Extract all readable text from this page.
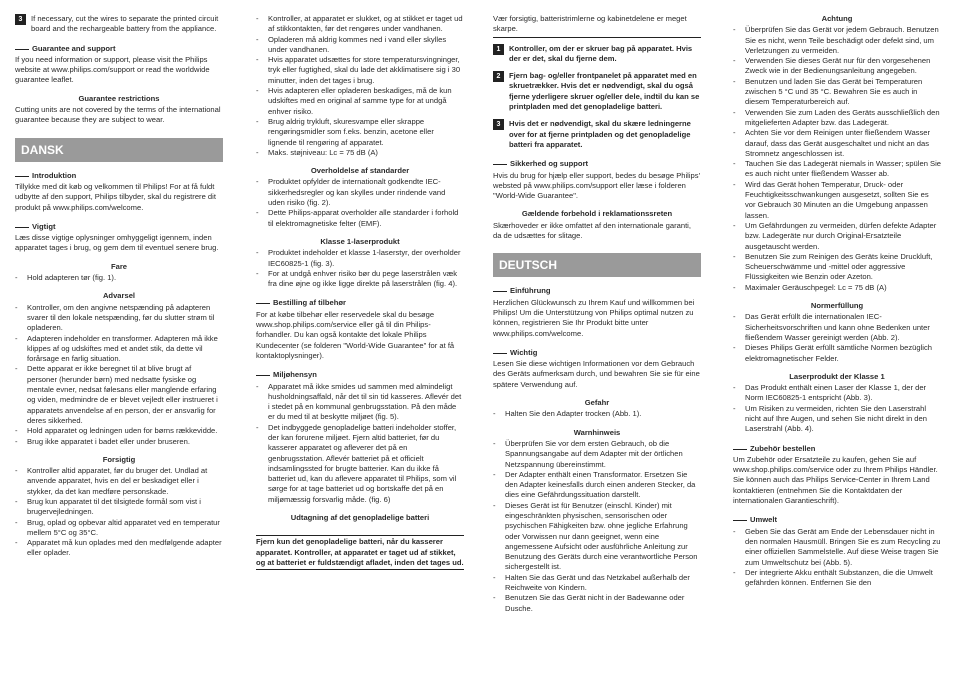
3	If necessary, cut the wires to separate the printed circuit board and the rechargeable battery from the appliance.
Guarantee and support

If you need information or support, please visit the Philips website at www.philips.com/support or read the worldwide guarantee leaflet.

Guarantee restrictions

Cutting units are not covered by the terms of the international guarantee because they are subject to wear.

DANSK
Introduktion

Tillykke med dit køb og velkommen til Philips! For at få fuldt udbytte af den support, Philips tilbyder, skal du registrere dit produkt på www.philips.com/welcome.

Vigtigt

Læs disse vigtige oplysninger omhyggeligt igennem, inden apparatet tages i brug, og gem dem til eventuel senere brug.

Fare
- Hold adapteren tør (fig. 1).
Advarsel
- Kontroller, om den angivne netspænding på adapteren svarer til den lokale netspænding, før du slutter strøm til opladeren.
- Adapteren indeholder en transformer. Adapteren må ikke klippes af og udskiftes med et andet stik, da dette vil forårsage en farlig situation.
- Dette apparat er ikke beregnet til at blive brugt af personer (herunder børn) med nedsatte fysiske og mentale evner, nedsat følesans eller manglende erfaring og viden, medmindre de er blevet vejledt eller instrueret i apparatets anvendelse af en person, der er ansvarlig for deres sikkerhed.
- Hold apparatet og ledningen uden for børns rækkevidde.
- Brug ikke apparatet i badet eller under bruseren.
Forsigtig
- Kontroller altid apparatet, før du bruger det. Undlad at anvende apparatet, hvis en del er beskadiget eller i stykker, da det kan medføre personskade.
- Brug kun apparatet til det tilsigtede formål som vist i brugervejledningen.
- Brug, oplad og opbevar altid apparatet ved en temperatur mellem 5°C og 35°C.
- Apparatet må kun oplades med den medfølgende adapter eller oplader.
- Kontroller, at apparatet er slukket, og at stikket er taget ud af stikkontakten, før det rengøres under vandhanen.
- Opladeren må aldrig kommes ned i vand eller skylles under vandhanen.
- Hvis apparatet udsættes for store temperatursvingninger, tryk eller fugtighed, skal du lade det akklimatisere sig i 30 minutter, inden det tages i brug.
- Hvis adapteren eller opladeren beskadiges, må de kun udskiftes med en original af samme type for at undgå enhver risiko.
- Brug aldrig trykluft, skuresvampe eller skrappe rengøringsmidler som f.eks. benzin, acetone eller lignende til rengøring af apparatet.
- Maks. støjniveau: Lc = 75 dB (A)
Overholdelse af standarder
- Produktet opfylder de internationalt godkendte IEC-sikkerhedsregler og kan skylles under rindende vand uden risiko (fig. 2).
- Dette Philips-apparat overholder alle standarder i forhold til elektromagnetiske felter (EMF).
Klasse 1-laserprodukt
- Produktet indeholder et klasse 1-laserstyr, der overholder IEC60825-1 (fig. 3).
- For at undgå enhver risiko bør du pege laserstrålen væk fra dine øjne og ikke ligge direkte på laserstrålen (fig. 4).
Bestilling af tilbehør

For at købe tilbehør eller reservedele skal du besøge www.shop.philips.com/service eller gå til din Philips-forhandler. Du kan også kontakte det lokale Philips Kundecenter (se folderen "World-Wide Guarantee" for at få kontaktoplysninger).

Miljøhensyn
- Apparatet må ikke smides ud sammen med almindeligt husholdningsaffald, når det til sin tid kasseres. Aflevér det i stedet på en kommunal genbrugsstation. På den måde er du med til at beskytte miljøet (fig. 5).
- Det indbyggede genopladelige batteri indeholder stoffer, der kan forurene miljøet. Fjern altid batteriet, før du kasserer apparatet og afleverer det på en genbrugsstation. Aflevér batteriet på et officielt indsamlingssted for brugte batterier. Kan du ikke få batteriet ud, kan du aflevere apparatet til Philips, som vil sørge for at tage batteriet ud og bortskaffe det på en miljømæssig forsvarlig måde. (fig. 6)
Udtagning af det genopladelige batteri

Fjern kun det genopladelige batteri, når du kasserer apparatet. Kontroller, at apparatet er taget ud af stikket, og at batteriet er fuldstændigt afladet, inden det tages ud.

Vær forsigtig, batteristrimlerne og kabinetdelene er meget skarpe.

1	Kontroller, om der er skruer bag på apparatet. Hvis der er det, skal du fjerne dem.
2	Fjern bag- og/eller frontpanelet på apparatet med en skruetrækker. Hvis det er nødvendigt, skal du også fjerne yderligere skruer og/eller dele, indtil du kan se printpladen med det genopladelige batteri.
3	Hvis det er nødvendigt, skal du skære ledningerne over for at fjerne printpladen og det genopladelige batteri fra apparatet.
Sikkerhed og support

Hvis du brug for hjælp eller support, bedes du besøge Philips' websted på www.philips.com/support eller læse i folderen "World-Wide Guarantee".

Gældende forbehold i reklamationssreten

Skærhoveder er ikke omfattet af den internationale garanti, da de udsættes for slitage.

DEUTSCH
Einführung

Herzlichen Glückwunsch zu Ihrem Kauf und willkommen bei Philips! Um die Unterstützung von Philips optimal nutzen zu können, registrieren Sie Ihr Produkt bitte unter www.philips.com/welcome.

Wichtig

Lesen Sie diese wichtigen Informationen vor dem Gebrauch des Geräts aufmerksam durch, und bewahren Sie sie für eine spätere Verwendung auf.

Gefahr
- Halten Sie den Adapter trocken (Abb. 1).
Warnhinweis
- Überprüfen Sie vor dem ersten Gebrauch, ob die Spannungsangabe auf dem Adapter mit der örtlichen Netzspannung übereinstimmt.
- Der Adapter enthält einen Transformator. Ersetzen Sie den Adapter keinesfalls durch einen anderen Stecker, da dies eine Gefährdungssituation darstellt.
- Dieses Gerät ist für Benutzer (einschl. Kinder) mit eingeschränkten physischen, sensorischen oder psychischen Fähigkeiten bzw. ohne jegliche Erfahrung oder Vorwissen nur dann geeignet, wenn eine angemessene Aufsicht oder ausführliche Anleitung zur Benutzung des Geräts durch eine verantwortliche Person sichergestellt ist.
- Halten Sie das Gerät und das Netzkabel außerhalb der Reichweite von Kindern.
- Benutzen Sie das Gerät nicht in der Badewanne oder Dusche.
Achtung
- Überprüfen Sie das Gerät vor jedem Gebrauch. Benutzen Sie es nicht, wenn Teile beschädigt oder defekt sind, um Verletzungen zu vermeiden.
- Verwenden Sie dieses Gerät nur für den vorgesehenen Zweck wie in der Bedienungsanleitung angegeben.
- Benutzen und laden Sie das Gerät bei Temperaturen zwischen 5 °C und 35 °C. Bewahren Sie es auch in diesem Temperaturbereich auf.
- Verwenden Sie zum Laden des Geräts ausschließlich den mitgelieferten Adapter bzw. das Ladegerät.
- Achten Sie vor dem Reinigen unter fließendem Wasser darauf, dass das Gerät ausgeschaltet und nicht an das Stromnetz angeschlossen ist.
- Tauchen Sie das Ladegerät niemals in Wasser; spülen Sie es auch nicht unter fließendem Wasser ab.
- Wird das Gerät hohen Temperatur, Druck- oder Feuchtigkeitsschwankungen ausgesetzt, sollten Sie es vor Gebrauch 30 Minuten an die Umgebung anpassen lassen.
- Um Gefährdungen zu vermeiden, dürfen defekte Adapter bzw. Ladegeräte nur durch Original-Ersatzteile ausgetauscht werden.
- Benutzen Sie zum Reinigen des Geräts keine Druckluft, Scheuerschwämme und -mittel oder aggressive Flüssigkeiten wie Benzin oder Azeton.
- Maximaler Geräuschpegel: Lc = 75 dB (A)
Normerfüllung
- Das Gerät erfüllt die internationalen IEC-Sicherheitsvorschriften und kann ohne Bedenken unter fließendem Wasser gereinigt werden (Abb. 2).
- Dieses Philips Gerät erfüllt sämtliche Normen bezüglich elektromagnetischer Felder.
Laserprodukt der Klasse 1
- Das Produkt enthält einen Laser der Klasse 1, der der Norm IEC60825-1 entspricht (Abb. 3).
- Um Risiken zu vermeiden, richten Sie den Laserstrahl nicht auf Ihre Augen, und sehen Sie nicht direkt in den Laserstrahl (Abb. 4).
Zubehör bestellen

Um Zubehör oder Ersatzteile zu kaufen, gehen Sie auf www.shop.philips.com/service oder zu Ihrem Philips Händler. Sie können auch das Philips Service-Center in Ihrem Land kontaktieren (entnehmen Sie die Kontaktdaten der internationalen Garantieschrift).

Umwelt
- Geben Sie das Gerät am Ende der Lebensdauer nicht in den normalen Hausmüll. Bringen Sie es zum Recycling zu einer offiziellen Sammelstelle. Auf diese Weise tragen Sie zum Umweltschutz bei (Abb. 5).
- Der integrierte Akku enthält Substanzen, die die Umwelt gefährden können. Entfernen Sie den
